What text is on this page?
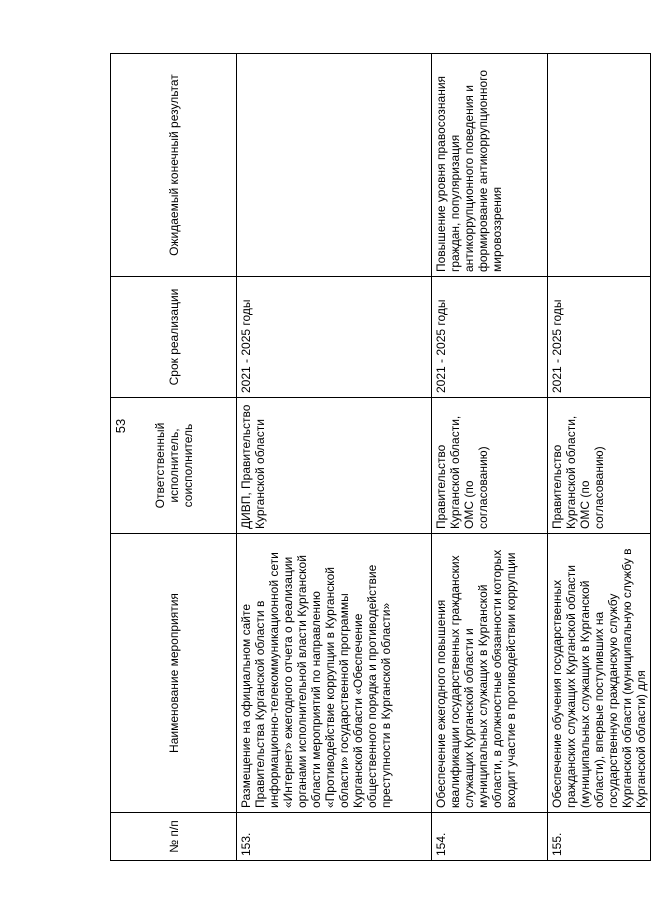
53
№ п/п	Наименование мероприятия	Ответственный исполнитель, соисполнитель	Срок реализации	Ожидаемый конечный результат
153.	Размещение на официальном сайте Правительства Курганской области в информационно-телекоммуникационной сети «Интернет» ежегодного отчета о реализации органами исполнительной власти Курганской области мероприятий по направлению «Противодействие коррупции в Курганской области» государственной программы Курганской области «Обеспечение общественного порядка и противодействие преступности в Курганской области»	ДИВП, Правительство Курганской области	2021 - 2025 годы	
154.	Обеспечение ежегодного повышения квалификации государственных гражданских служащих Курганской области и муниципальных служащих в Курганской области, в должностные обязанности которых входит участие в противодействии коррупции	Правительство Курганской области, ОМС (по согласованию)	2021 - 2025 годы	Повышение уровня правосознания граждан, популяризация антикоррупционного поведения и формирование антикоррупционного мировоззрения
155.	Обеспечение обучения государственных гражданских служащих Курганской области (муниципальных служащих в Курганской области), впервые поступивших на государственную гражданскую службу Курганской области (муниципальную службу в Курганской области) для	Правительство Курганской области, ОМС (по согласованию)	2021 - 2025 годы	
